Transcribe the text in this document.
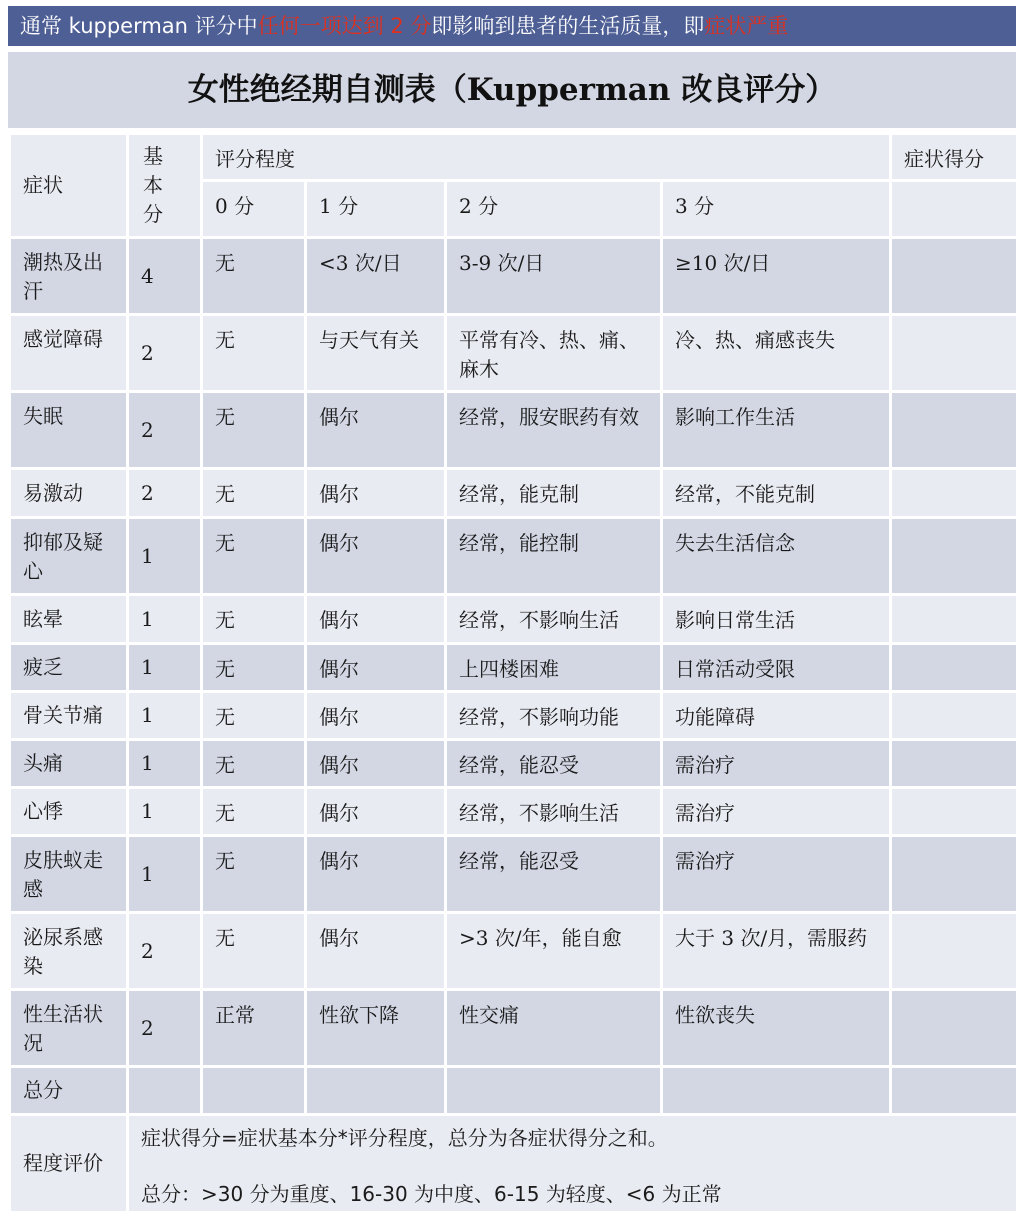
通常 kupperman 评分中任何一项达到 2 分即影响到患者的生活质量，即症状严重
女性绝经期自测表（Kupperman 改良评分）
症状	基本分	评分程度				症状得分
		0 分	1 分	2 分	3 分	
潮热及出汗	4	无	<3 次/日	3-9 次/日	≥10 次/日	
感觉障碍	2	无	与天气有关	平常有冷、热、痛、麻木	冷、热、痛感丧失	
失眠	2	无	偶尔	经常，服安眠药有效	影响工作生活	
易激动	2	无	偶尔	经常，能克制	经常，不能克制	
抑郁及疑心	1	无	偶尔	经常，能控制	失去生活信念	
眩晕	1	无	偶尔	经常，不影响生活	影响日常生活	
疲乏	1	无	偶尔	上四楼困难	日常活动受限	
骨关节痛	1	无	偶尔	经常，不影响功能	功能障碍	
头痛	1	无	偶尔	经常，能忍受	需治疗	
心悸	1	无	偶尔	经常，不影响生活	需治疗	
皮肤蚁走感	1	无	偶尔	经常，能忍受	需治疗	
泌尿系感染	2	无	偶尔	>3 次/年，能自愈	大于 3 次/月，需服药	
性生活状况	2	正常	性欲下降	性交痛	性欲丧失	
总分						
程度评价	症状得分=症状基本分*评分程度，总分为各症状得分之和。
总分：>30 分为重度、16-30 为中度、6-15 为轻度、<6 为正常					
